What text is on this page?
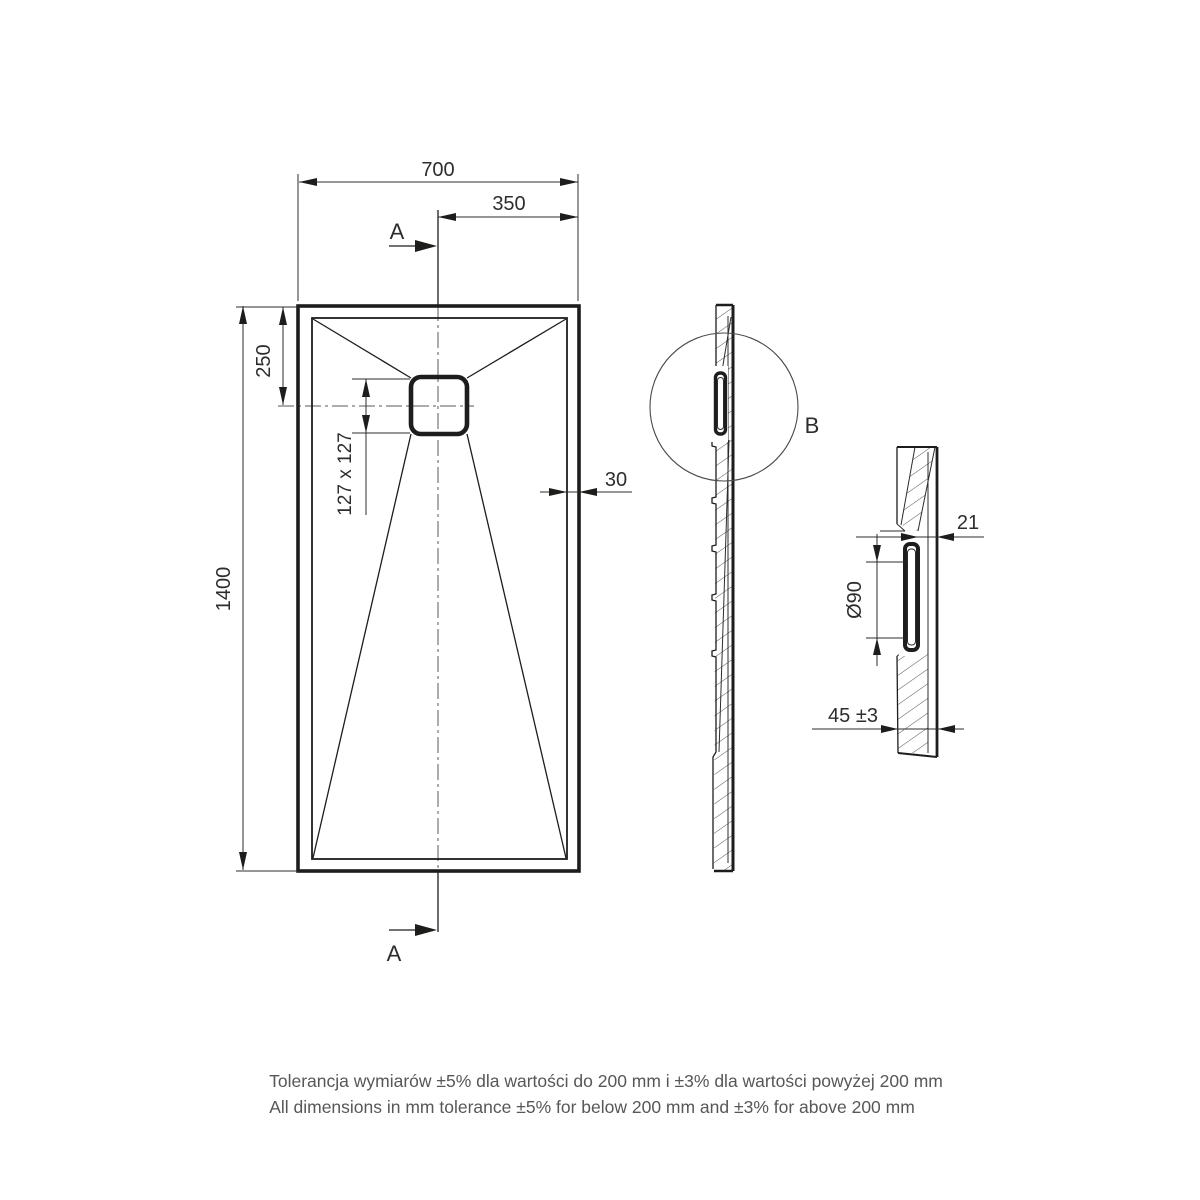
700
350
A
A
250
1400
127 x 127	30
B
21
Ø90
45 ±3
Tolerancja wymiarów ±5% dla wartości do 200 mm i ±3% dla wartości powyżej 200 mm
All dimensions in mm tolerance ±5% for below 200 mm and ±3% for above 200 mm
